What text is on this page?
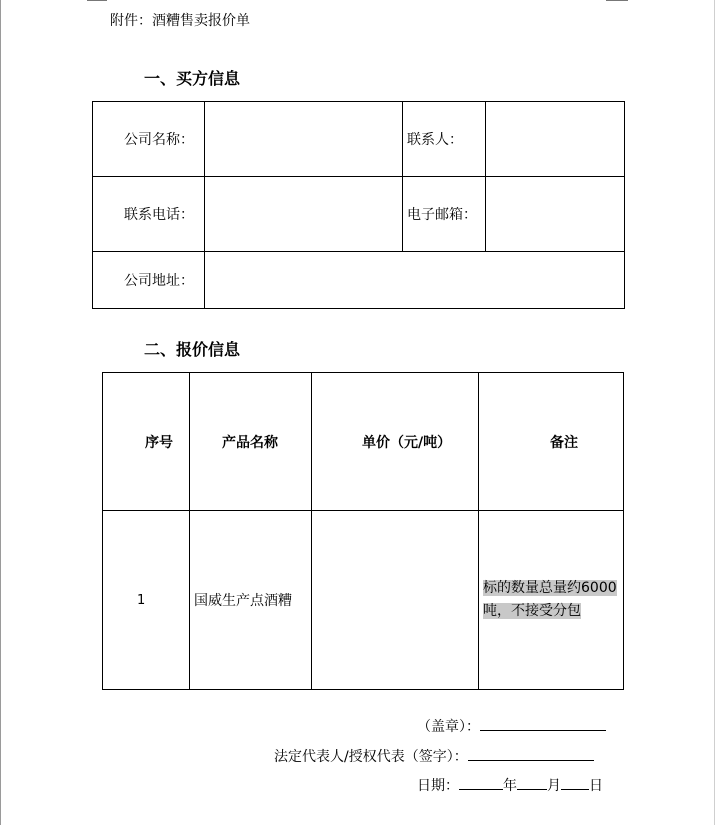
附件：酒糟售卖报价单
一、买方信息
公司名称：		联系人：	
联系电话：		电子邮箱：	
公司地址：			
二、报价信息
序号	产品名称	单价（元/吨）	备注
1	国威生产点酒糟		标的数量总量约6000
吨，不接受分包
（盖章）：
法定代表人/授权代表（签字）：
日期：	年 月 日
